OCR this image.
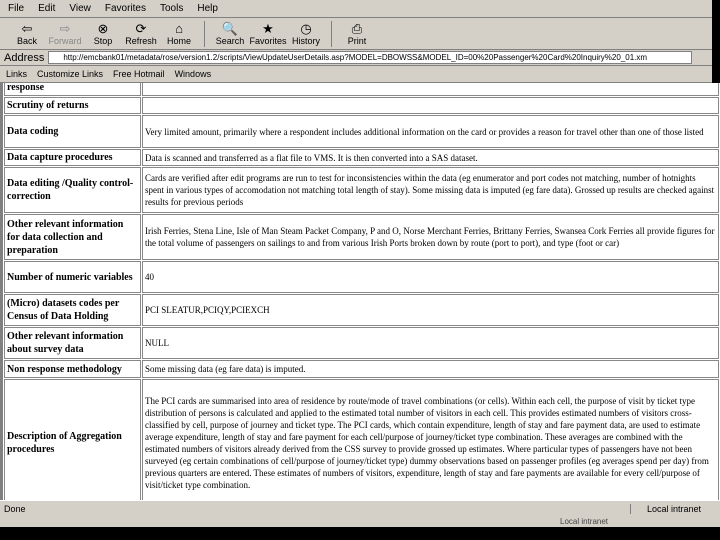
File Edit View Favorites Tools Help
⇦
Back
⇨
Forward
⊗
Stop
⟳
Refresh
⌂
Home
🔍
Search
★
Favorites
◷
History
⎙
Print
Address	http://emcbank01/metadata/rose/version1.2/scripts/ViewUpdateUserDetails.asp?MODEL=DBOWSS&MODEL_ID=00%20Passenger%20Card%20Inquiry%20_01.xm
Links Customize Links Free Hotmail Windows
response	
Scrutiny of returns	
Data coding	Very limited amount, primarily where a respondent includes additional information on the card or provides a reason for travel other than one of those listed
Data capture procedures	Data is scanned and transferred as a flat file to VMS. It is then converted into a SAS dataset.
Data editing /Quality control-correction	Cards are verified after edit programs are run to test for inconsistencies within the data (eg enumerator and port codes not matching, number of hotnights spent in various types of accomodation not matching total length of stay). Some missing data is imputed (eg fare data). Grossed up results are checked against results for previous periods
Other relevant information for data collection and preparation	Irish Ferries, Stena Line, Isle of Man Steam Packet Company, P and O, Norse Merchant Ferries, Brittany Ferries, Swansea Cork Ferries all provide figures for the total volume of passengers on sailings to and from various Irish Ports broken down by route (port to port), and type (foot or car)
Number of numeric variables	40
(Micro) datasets codes per Census of Data Holding	PCI SLEATUR,PCIQY,PCIEXCH
Other relevant information about survey data	NULL
Non response methodology	Some missing data (eg fare data) is imputed.
Description of Aggregation procedures	The PCI cards are summarised into area of residence by route/mode of travel combinations (or cells). Within each cell, the purpose of visit by ticket type distribution of persons is calculated and applied to the estimated total number of visitors in each cell. This provides estimated numbers of visitors cross-classified by cell, purpose of journey and ticket type. The PCI cards, which contain expenditure, length of stay and fare payment data, are used to estimate average expenditure, length of stay and fare payment for each cell/purpose of journey/ticket type combination. These averages are combined with the estimated numbers of visitors already derived from the CSS survey to provide grossed up estimates. Where particular types of passengers have not been surveyed (eg certain combinations of cell/purpose of journey/ticket type) dummy observations based on passenger profiles (eg averages spend per day) from previous quarters are entered. These estimates of numbers of visitors, expenditure, length of stay and fare payments are available for every cell/purpose of visit/ticket type combination.
Done	Local intranet
Local intranet
